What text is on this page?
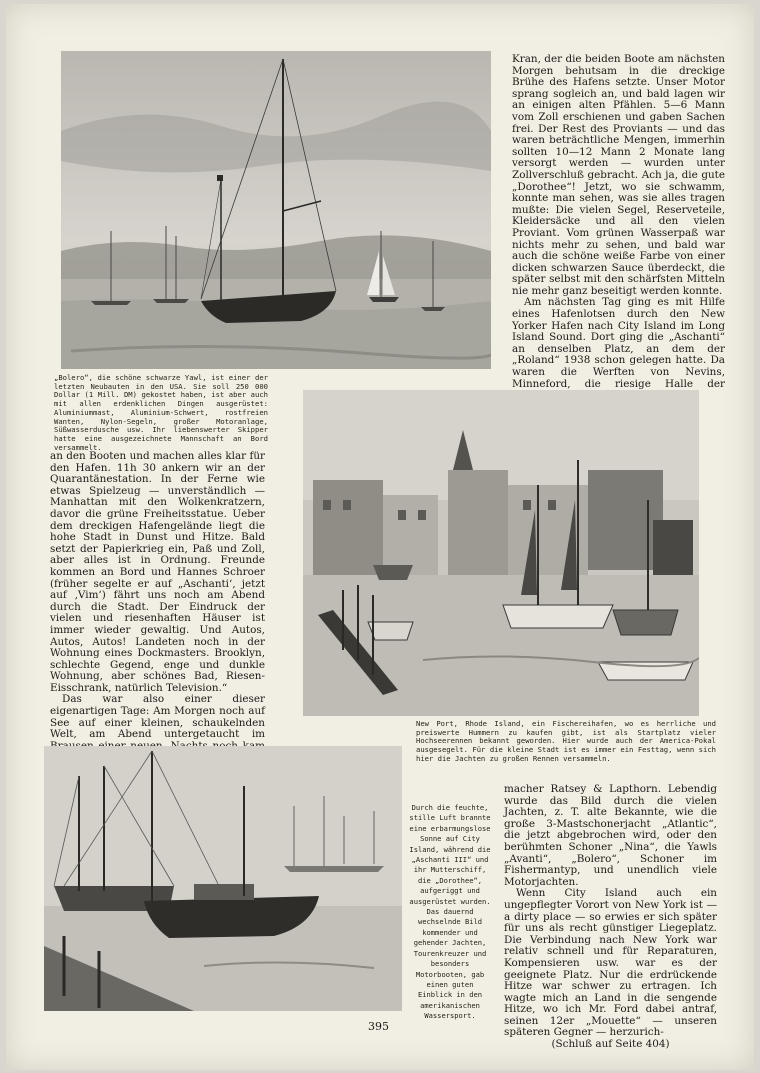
„Bolero“, die schöne schwarze Yawl, ist einer der letzten Neubauten in den USA. Sie soll 250 000 Dollar (1 Mill. DM) gekostet haben, ist aber auch mit allen erdenklichen Dingen ausgerüstet: Aluminiummast, Aluminium-Schwert, rostfreien Wanten, Nylon-Segeln, großer Motoranlage, Süßwasserdusche usw. Ihr liebenswerter Skipper hatte eine ausgezeichnete Mannschaft an Bord versammelt.

Kran, der die beiden Boote am nächsten Morgen behutsam in die dreckige Brühe des Hafens setzte. Unser Motor sprang sogleich an, und bald lagen wir an einigen alten Pfählen. 5—6 Mann vom Zoll erschienen und gaben Sachen frei. Der Rest des Proviants — und das waren beträchtliche Mengen, immerhin sollten 10—12 Mann 2 Monate lang versorgt werden — wurden unter Zollverschluß gebracht. Ach ja, die gute „Dorothee“! Jetzt, wo sie schwamm, konnte man sehen, was sie alles tragen mußte: Die vielen Segel, Reserveteile, Kleidersäcke und all den vielen Proviant. Vom grünen Wasserpaß war nichts mehr zu sehen, und bald war auch die schöne weiße Farbe von einer dicken schwarzen Sauce überdeckt, die später selbst mit den schärfsten Mitteln nie mehr ganz beseitigt werden konnte.

Am nächsten Tag ging es mit Hilfe eines Hafenlotsen durch den New Yorker Hafen nach City Island im Long Island Sound. Dort ging die „Aschanti“ an denselben Platz, an dem der „Roland“ 1938 schon gelegen hatte. Da waren die Werften von Nevins, Minneford, die riesige Halle der

an den Booten und machen alles klar für den Hafen. 11h 30 ankern wir an der Quarantänestation. In der Ferne wie etwas Spielzeug — unverständlich — Manhattan mit den Wolkenkratzern, davor die grüne Freiheitsstatue. Ueber dem dreckigen Hafengelände liegt die hohe Stadt in Dunst und Hitze. Bald setzt der Papierkrieg ein, Paß und Zoll, aber alles ist in Ordnung. Freunde kommen an Bord und Hannes Schroer (früher segelte er auf „Aschanti‘, jetzt auf ‚Vim‘) fährt uns noch am Abend durch die Stadt. Der Eindruck der vielen und riesenhaften Häuser ist immer wieder gewaltig. Und Autos, Autos, Autos! Landeten noch in der Wohnung eines Dockmasters. Brooklyn, schlechte Gegend, enge und dunkle Wohnung, aber schönes Bad, Riesen-Eisschrank, natürlich Television.“

Das war also einer dieser eigenartigen Tage: Am Morgen noch auf See auf einer kleinen, schaukelnden Welt, am Abend untergetaucht im

New Port, Rhode Island, ein Fischereihafen, wo es herrliche und preiswerte Hummern zu kaufen gibt, ist als Startplatz vieler Hochseerennen bekannt geworden. Hier wurde auch der America-Pokal ausgesegelt. Für die kleine Stadt ist es immer ein Festtag, wenn sich hier die Jachten zu großen Rennen versammeln.

Durch die feuchte, stille Luft brannte eine erbarmungslose Sonne auf City Island, während die „Aschanti III“ und ihr Mutterschiff, die „Dorothee“, aufgeriggt und ausgerüstet wurden. Das dauernd wechselnde Bild kommender und gehender Jachten, Tourenkreuzer und besonders Motorbooten, gab einen guten Einblick in den amerikanischen Wassersport.

macher Ratsey & Lapthorn. Lebendig wurde das Bild durch die vielen Jachten, z. T. alte Bekannte, wie die große 3-Mastschonerjacht „Atlantic“, die jetzt abgebrochen wird, oder den berühmten Schoner „Nina“, die Yawls „Avanti“, „Bolero“, Schoner im Fishermantyp, und unendlich viele Motorjachten.

Wenn City Island auch ein ungepflegter Vorort von New York ist — a dirty place — so erwies er sich später für uns als recht günstiger Liegeplatz. Die Verbindung nach New York war relativ schnell und für Reparaturen, Kompensieren usw. war es der geeignete Platz. Nur die erdrückende Hitze war schwer zu ertragen. Ich wagte mich an Land in die sengende Hitze, wo ich Mr. Ford dabei antraf, seinen 12er „Mouette“ — unseren späteren Gegner — herzurich-

(Schluß auf Seite 404)

395
